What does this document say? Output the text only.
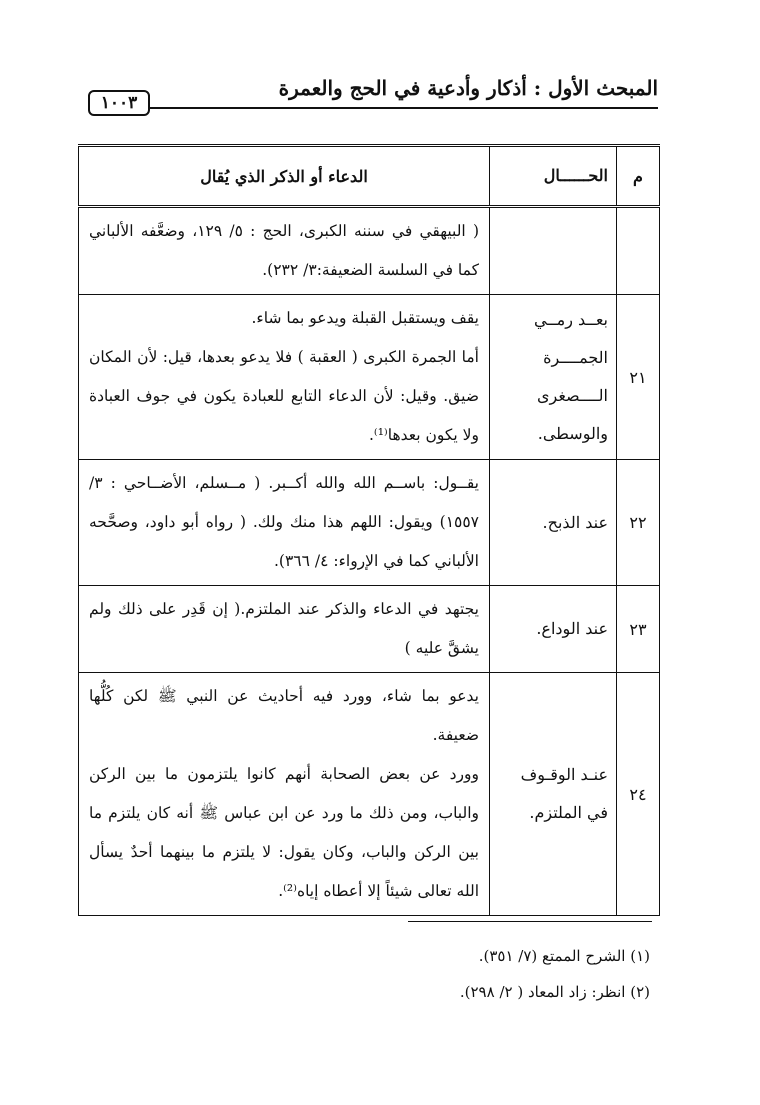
المبحث الأول : أذكار وأدعية في الحج والعمرة
١٠٠٣
م	الحــــــال	الدعاء أو الذكر الذي يُقال

		( البيهقي في سننه الكبرى، الحج : ٥/ ١٢٩، وضعَّفه الألباني كما في السلسة الضعيفة:٣/ ٢٣٢).

٢١	بعــد رمــي الجمــــرة الــــصغرى والوسطى.	يقف ويستقبل القبلة ويدعو بما شاء.

أما الجمرة الكبرى ( العقبة ) فلا يدعو بعدها، قيل: لأن المكان ضيق. وقيل: لأن الدعاء التابع للعبادة يكون في جوف العبادة ولا يكون بعدها⁽¹⁾.

٢٢	عند الذبح.	يقــول: باســم الله والله أكــبر. ( مــسلم، الأضــاحي : ٣/ ١٥٥٧) ويقول: اللهم هذا منك ولك. ( رواه أبو داود، وصحَّحه الألباني كما في الإرواء: ٤/ ٣٦٦).

٢٣	عند الوداع.	يجتهد في الدعاء والذكر عند الملتزم.( إن قَدِر على ذلك ولم يشقَّ عليه )

٢٤	عنـد الوقـوف في الملتزم.	يدعو بما شاء، وورد فيه أحاديث عن النبي ﷺ لكن كُلُّها ضعيفة.

وورد عن بعض الصحابة أنهم كانوا يلتزمون ما بين الركن والباب، ومن ذلك ما ورد عن ابن عباس ﷺ أنه كان يلتزم ما بين الركن والباب، وكان يقول: لا يلتزم ما بينهما أحدٌ يسأل الله تعالى شيئاً إلا أعطاه إياه⁽²⁾.

(١) الشرح الممتع (٧/ ٣٥١).
(٢) انظر: زاد المعاد ( ٢/ ٢٩٨).
